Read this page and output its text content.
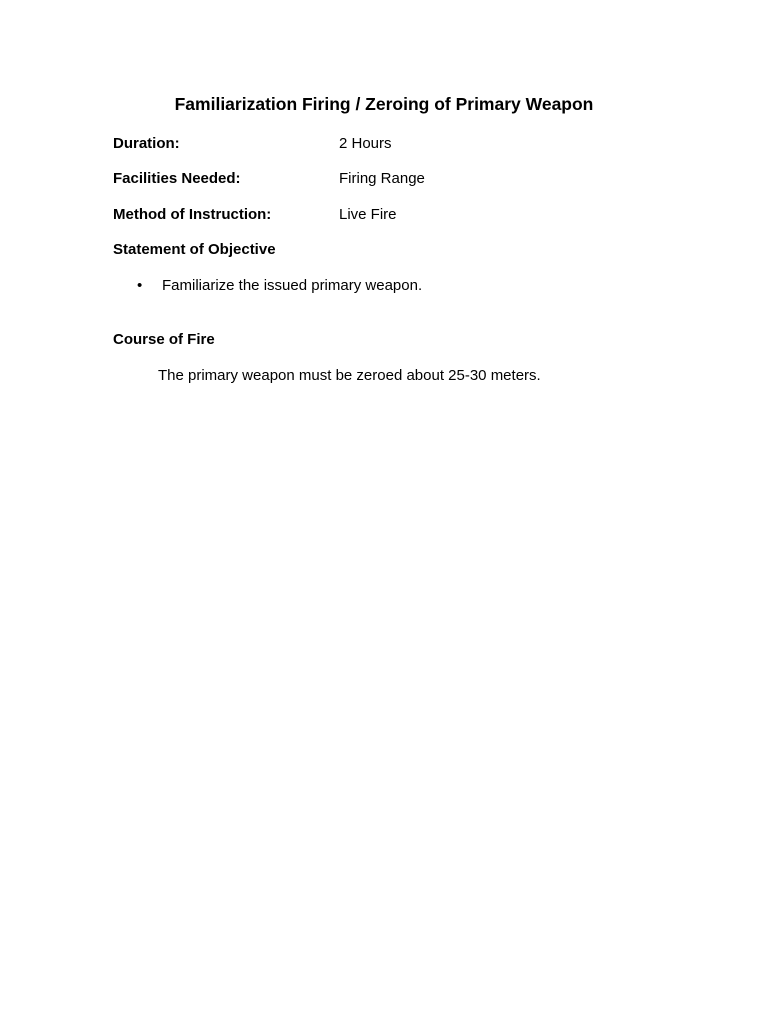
Familiarization Firing / Zeroing of Primary Weapon
Duration:	2 Hours
Facilities Needed:	Firing Range
Method of Instruction:	Live Fire
Statement of Objective
• Familiarize the issued primary weapon.
Course of Fire
The primary weapon must be zeroed about 25-30 meters.
